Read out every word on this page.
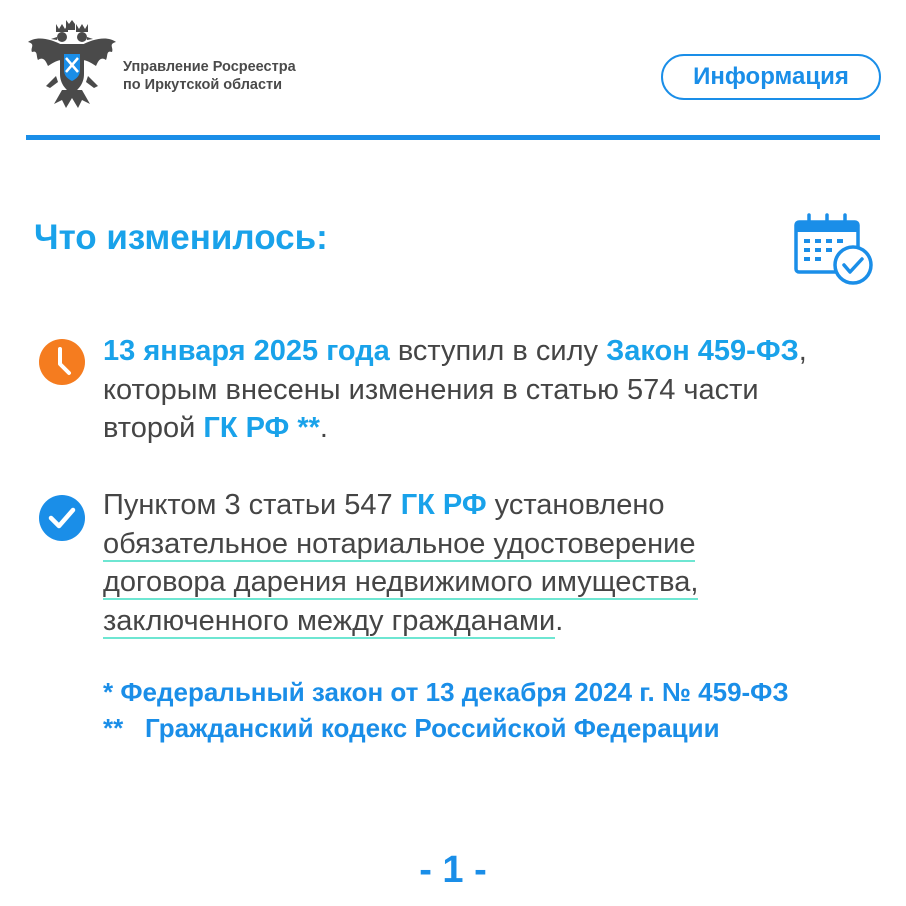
Управление Росреестра
по Иркутской области	Информация
Что изменилось:
13 января 2025 года вступил в силу Закон 459-ФЗ,
которым внесены изменения в статью 574 части
второй ГК РФ **.
Пунктом 3 статьи 547 ГК РФ установлено
обязательное нотариальное удостоверение
договора дарения недвижимого имущества,
заключенного между гражданами.
* Федеральный закон от 13 декабря 2024 г. № 459-ФЗ
** Гражданский кодекс Российской Федерации
- 1 -
